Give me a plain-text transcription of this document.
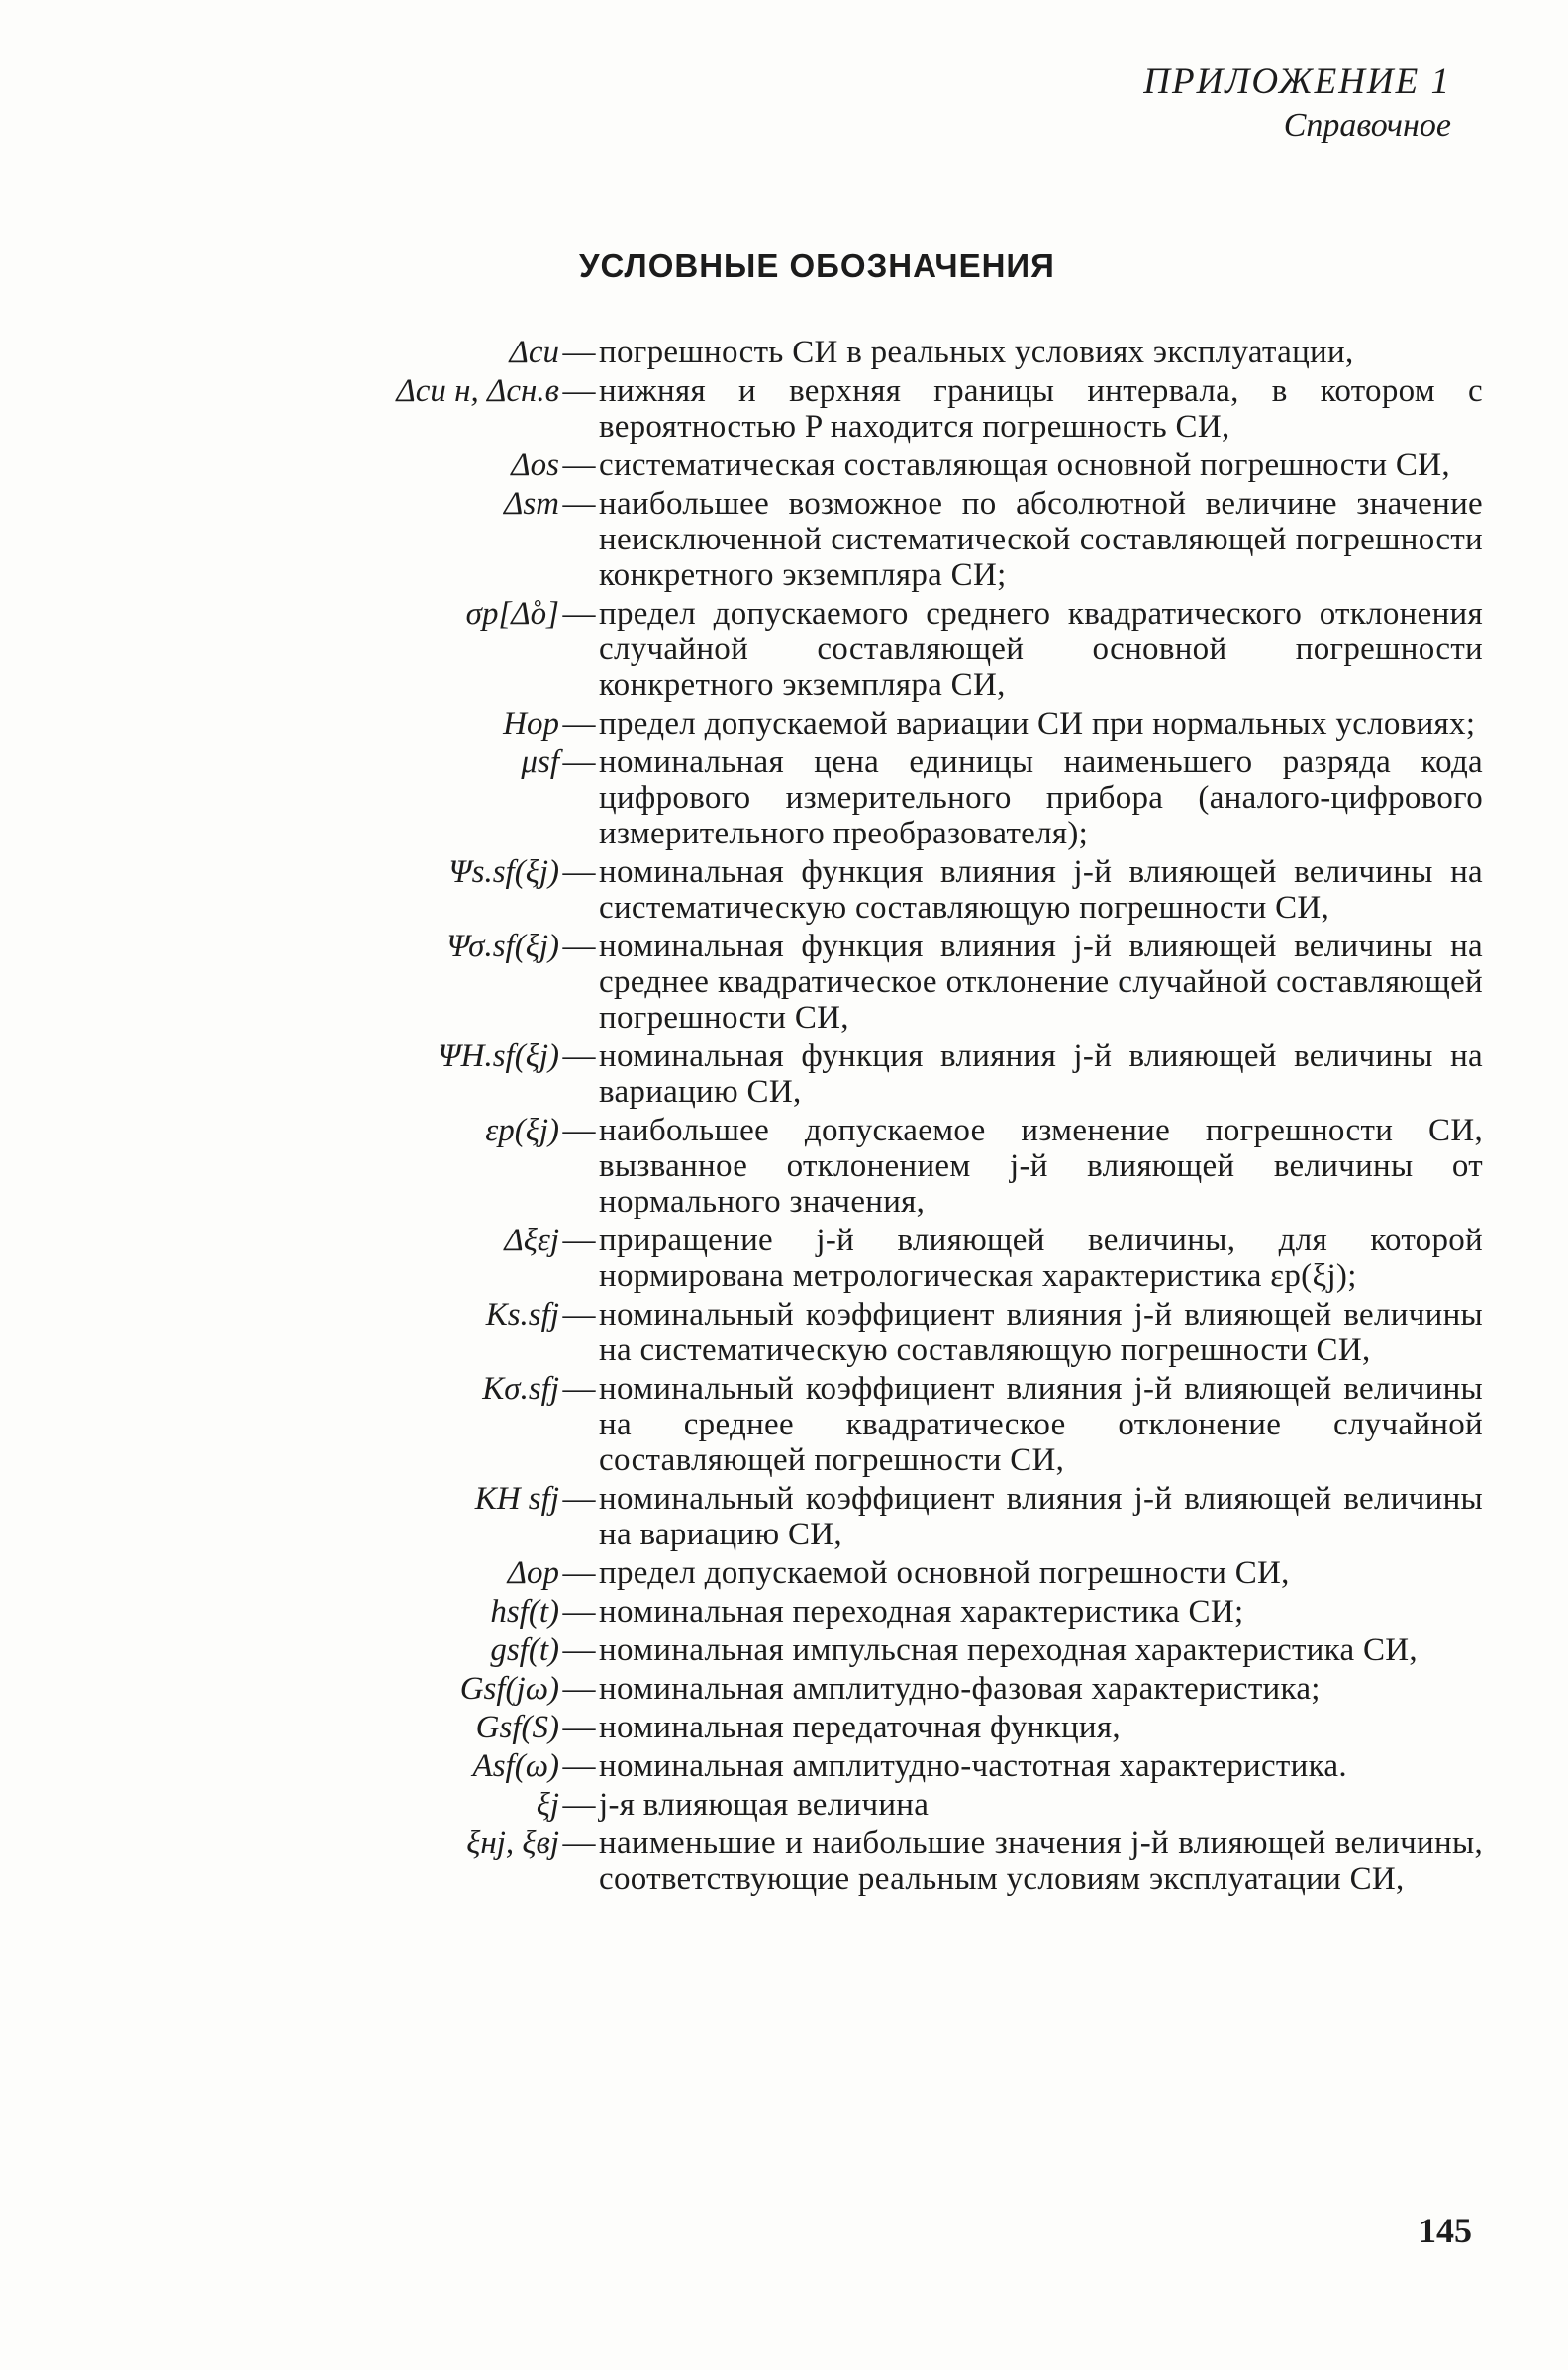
ПРИЛОЖЕНИЕ 1
Справочное
УСЛОВНЫЕ ОБОЗНАЧЕНИЯ
Δси — погрешность СИ в реальных условиях эксплуатации,
Δси н, Δсн.в — нижняя и верхняя границы интервала, в котором с вероятностью P находится погрешность СИ,
Δos — систематическая составляющая основной погрешности СИ,
Δsm — наибольшее возможное по абсолютной величине значение неисключенной систематической составляющей погрешности конкретного экземпляра СИ;
σp[Δ̊o] — предел допускаемого среднего квадратического отклонения случайной составляющей основной погрешности конкретного экземпляра СИ,
Hop — предел допускаемой вариации СИ при нормальных условиях;
μsf — номинальная цена единицы наименьшего разряда кода цифрового измерительного прибора (аналого-цифрового измерительного преобразователя);
Ψs.sf(ξj) — номинальная функция влияния j-й влияющей величины на систематическую составляющую погрешности СИ,
Ψσ.sf(ξj) — номинальная функция влияния j-й влияющей величины на среднее квадратическое отклонение случайной составляющей погрешности СИ,
ΨH.sf(ξj) — номинальная функция влияния j-й влияющей величины на вариацию СИ,
εp(ξj) — наибольшее допускаемое изменение погрешности СИ, вызванное отклонением j-й влияющей величины от нормального значения,
Δξεj — приращение j-й влияющей величины, для которой нормирована метрологическая характеристика εp(ξj);
Ks.sfj — номинальный коэффициент влияния j-й влияющей величины на систематическую составляющую погрешности СИ,
Kσ.sfj — номинальный коэффициент влияния j-й влияющей величины на среднее квадратическое отклонение случайной составляющей погрешности СИ,
KH sfj — номинальный коэффициент влияния j-й влияющей величины на вариацию СИ,
Δop — предел допускаемой основной погрешности СИ,
hsf(t) — номинальная переходная характеристика СИ;
gsf(t) — номинальная импульсная переходная характеристика СИ,
Gsf(jω) — номинальная амплитудно-фазовая характеристика;
Gsf(S) — номинальная передаточная функция,
Asf(ω) — номинальная амплитудно-частотная характеристика.
ξj — j-я влияющая величина
ξнj, ξвj — наименьшие и наибольшие значения j-й влияющей величины, соответствующие реальным условиям эксплуатации СИ,
145
